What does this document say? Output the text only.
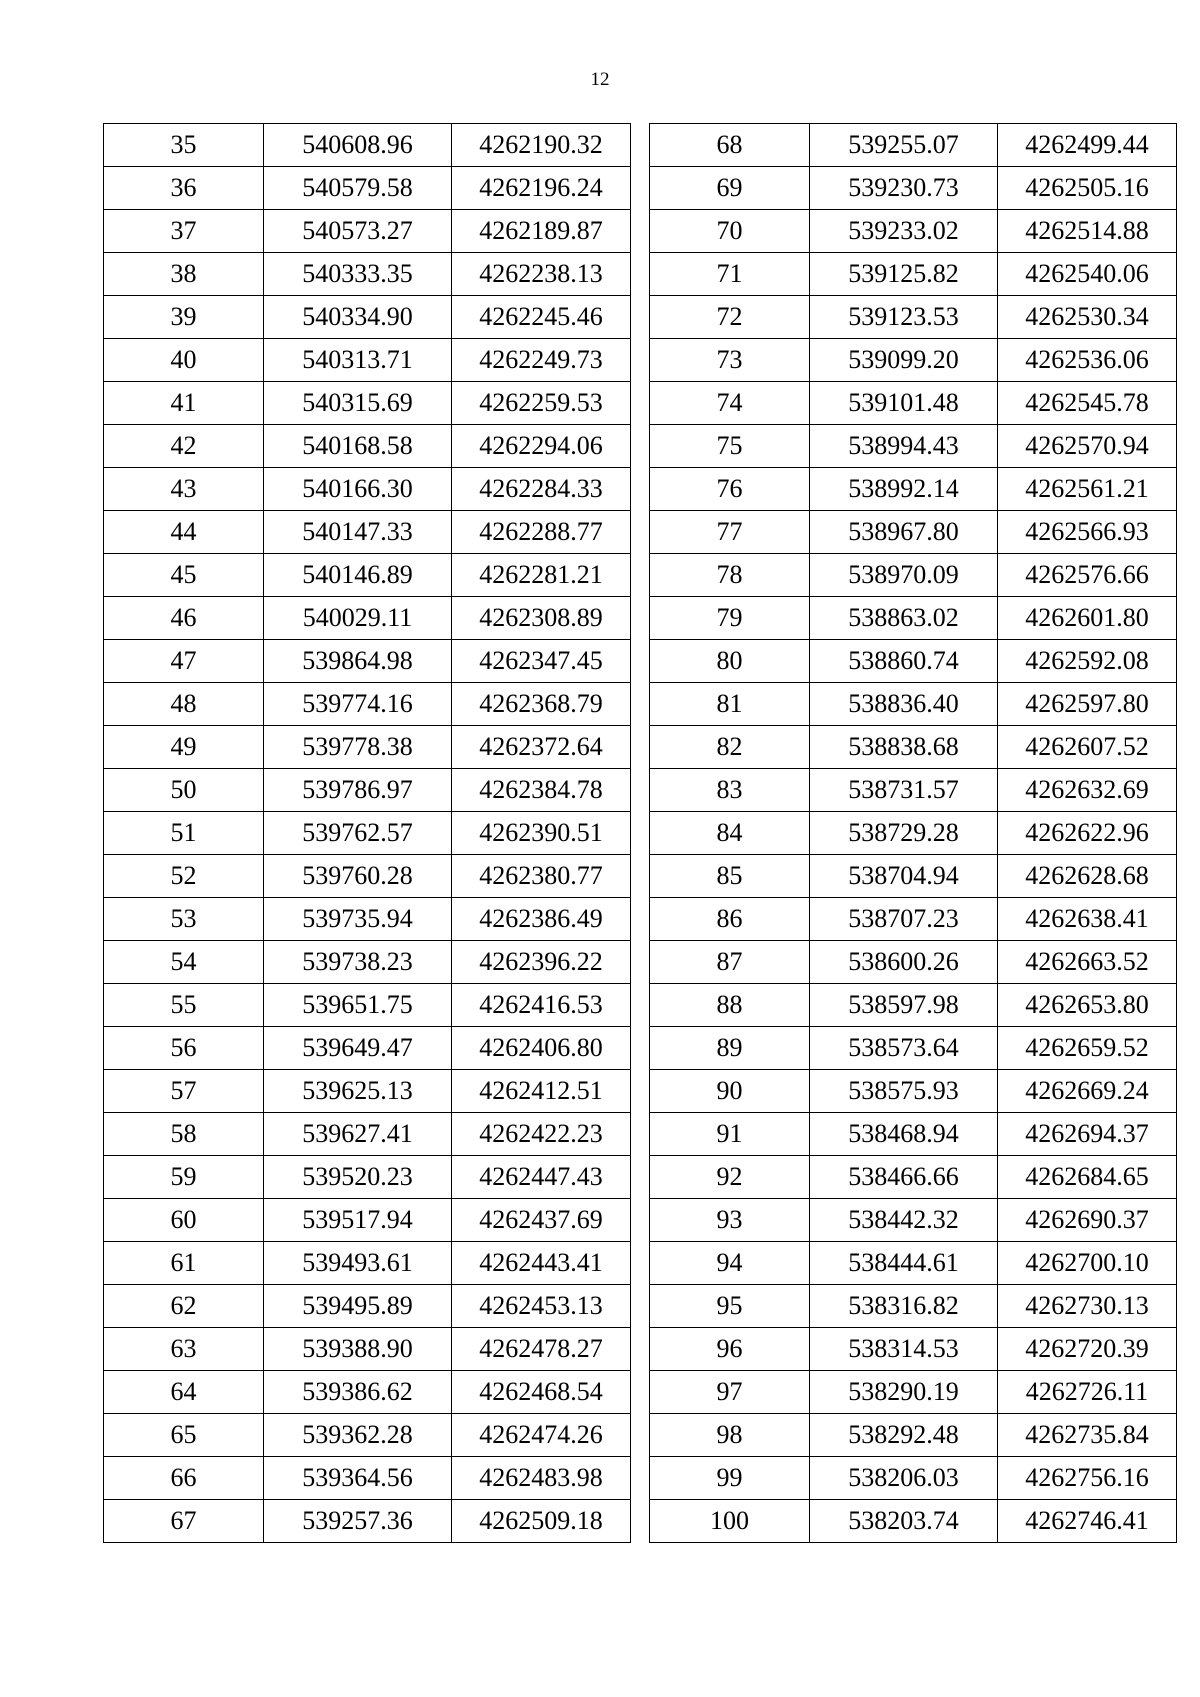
12
35	540608.96	4262190.32
36	540579.58	4262196.24
37	540573.27	4262189.87
38	540333.35	4262238.13
39	540334.90	4262245.46
40	540313.71	4262249.73
41	540315.69	4262259.53
42	540168.58	4262294.06
43	540166.30	4262284.33
44	540147.33	4262288.77
45	540146.89	4262281.21
46	540029.11	4262308.89
47	539864.98	4262347.45
48	539774.16	4262368.79
49	539778.38	4262372.64
50	539786.97	4262384.78
51	539762.57	4262390.51
52	539760.28	4262380.77
53	539735.94	4262386.49
54	539738.23	4262396.22
55	539651.75	4262416.53
56	539649.47	4262406.80
57	539625.13	4262412.51
58	539627.41	4262422.23
59	539520.23	4262447.43
60	539517.94	4262437.69
61	539493.61	4262443.41
62	539495.89	4262453.13
63	539388.90	4262478.27
64	539386.62	4262468.54
65	539362.28	4262474.26
66	539364.56	4262483.98
67	539257.36	4262509.18
68	539255.07	4262499.44
69	539230.73	4262505.16
70	539233.02	4262514.88
71	539125.82	4262540.06
72	539123.53	4262530.34
73	539099.20	4262536.06
74	539101.48	4262545.78
75	538994.43	4262570.94
76	538992.14	4262561.21
77	538967.80	4262566.93
78	538970.09	4262576.66
79	538863.02	4262601.80
80	538860.74	4262592.08
81	538836.40	4262597.80
82	538838.68	4262607.52
83	538731.57	4262632.69
84	538729.28	4262622.96
85	538704.94	4262628.68
86	538707.23	4262638.41
87	538600.26	4262663.52
88	538597.98	4262653.80
89	538573.64	4262659.52
90	538575.93	4262669.24
91	538468.94	4262694.37
92	538466.66	4262684.65
93	538442.32	4262690.37
94	538444.61	4262700.10
95	538316.82	4262730.13
96	538314.53	4262720.39
97	538290.19	4262726.11
98	538292.48	4262735.84
99	538206.03	4262756.16
100	538203.74	4262746.41
